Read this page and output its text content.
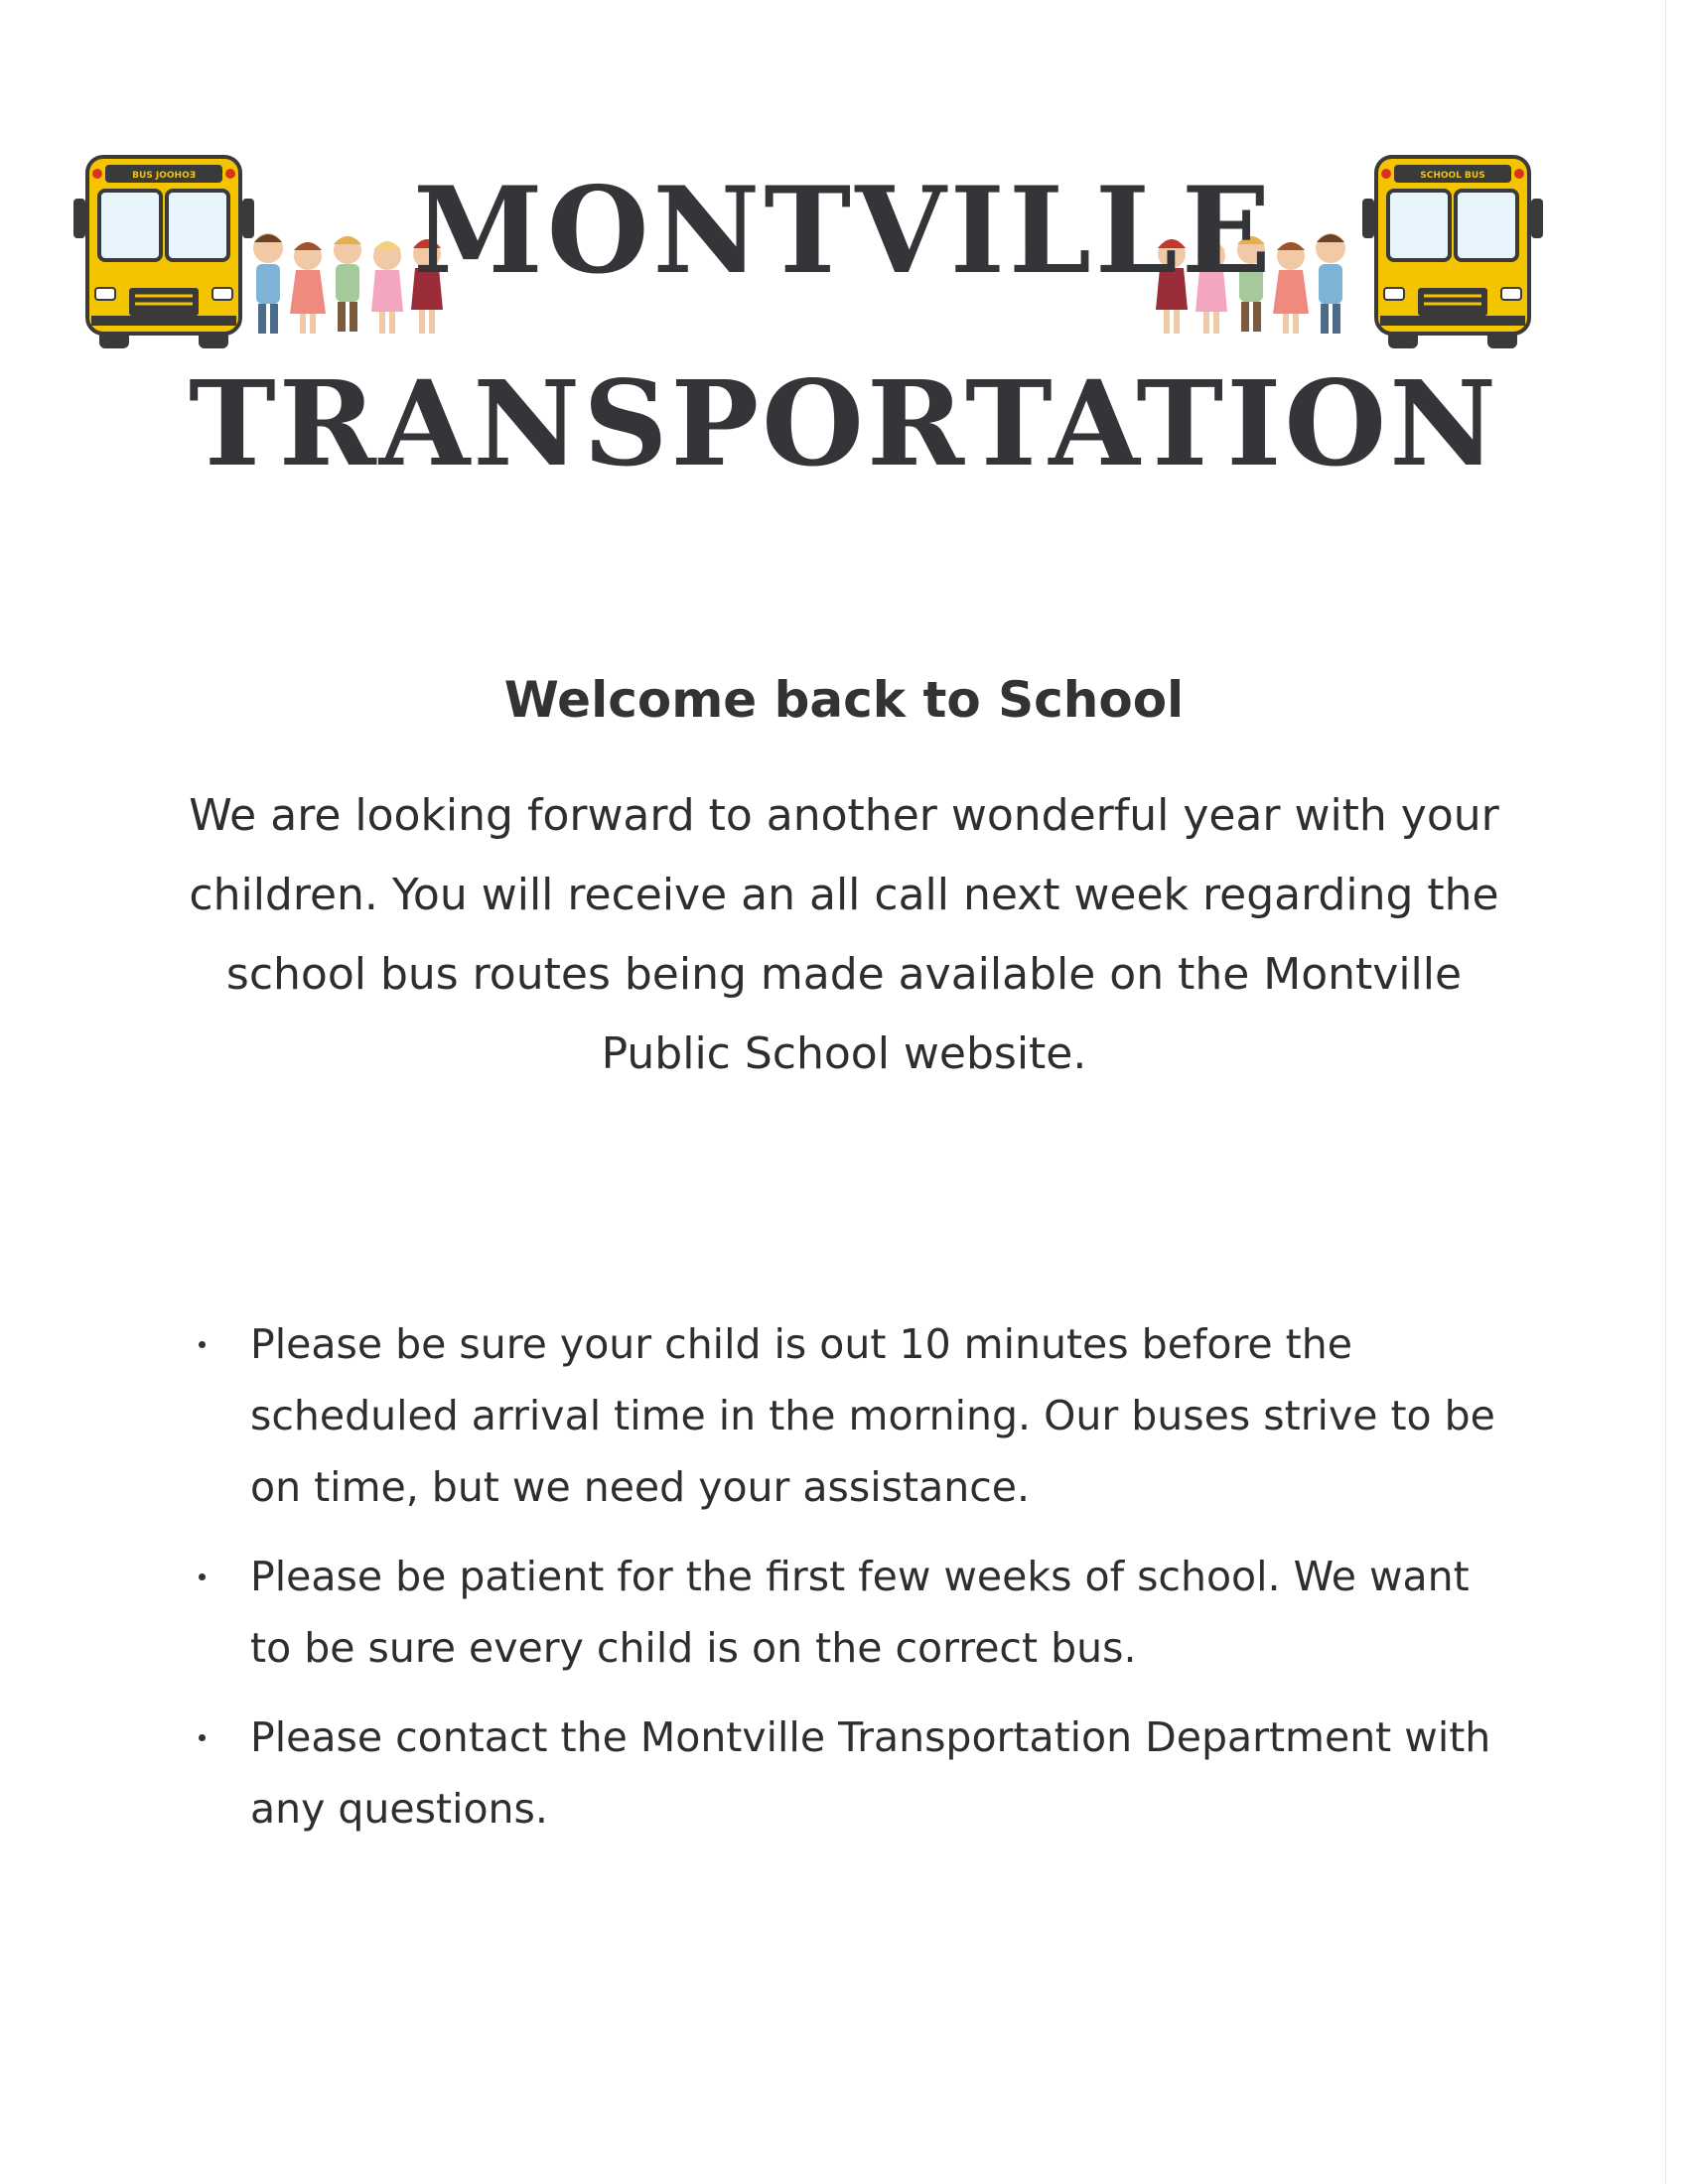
BUS JOOHOƎ	SCHOOL BUS
MONTVILLE
TRANSPORTATION
Welcome back to School
We are looking forward to another wonderful year with your children. You will receive an all call next week regarding the school bus routes being made available on the Montville Public School website.
Please be sure your child is out 10 minutes before the scheduled arrival time in the morning. Our buses strive to be on time, but we need your assistance.
Please be patient for the first few weeks of school. We want to be sure every child is on the correct bus.
Please contact the Montville Transportation Department with any questions.
